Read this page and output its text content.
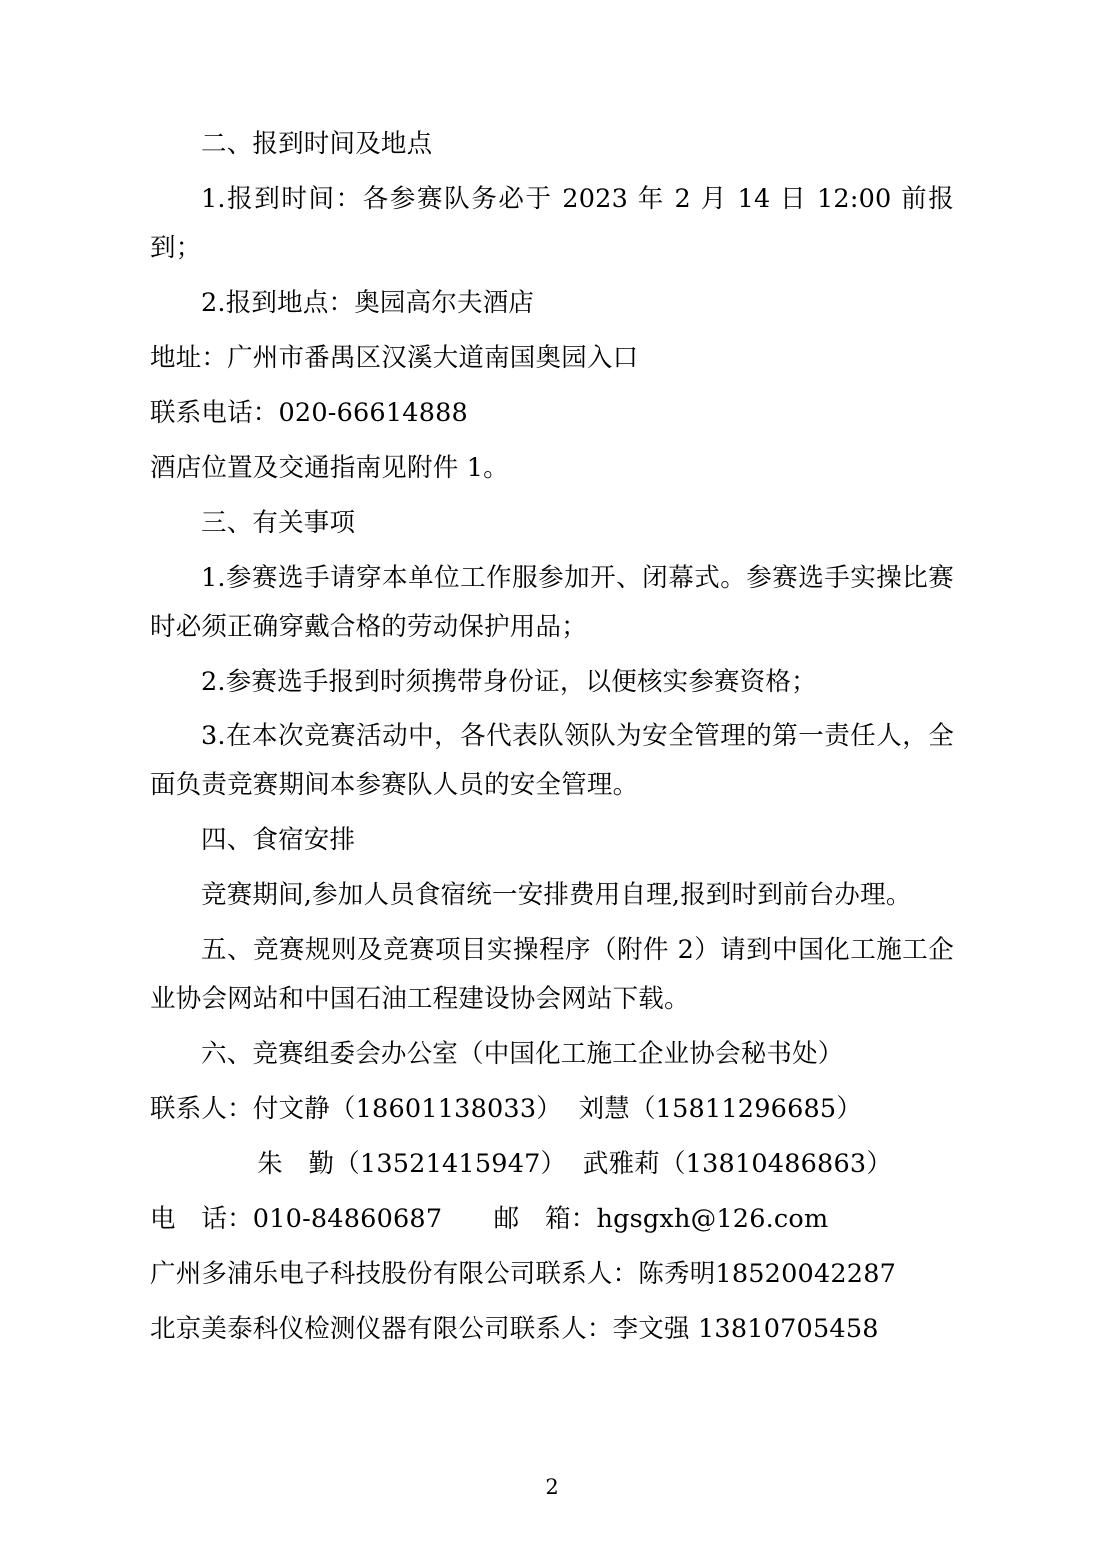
二、报到时间及地点
1.报到时间：各参赛队务必于 2023 年 2 月 14 日 12:00 前报到；
2.报到地点：奥园高尔夫酒店
地址：广州市番禺区汉溪大道南国奥园入口
联系电话：020-66614888
酒店位置及交通指南见附件 1。
三、有关事项
1.参赛选手请穿本单位工作服参加开、闭幕式。参赛选手实操比赛时必须正确穿戴合格的劳动保护用品；
2.参赛选手报到时须携带身份证，以便核实参赛资格；
3.在本次竞赛活动中，各代表队领队为安全管理的第一责任人，全面负责竞赛期间本参赛队人员的安全管理。
四、食宿安排
竞赛期间,参加人员食宿统一安排费用自理,报到时到前台办理。
五、竞赛规则及竞赛项目实操程序（附件 2）请到中国化工施工企业协会网站和中国石油工程建设协会网站下载。
六、竞赛组委会办公室（中国化工施工企业协会秘书处）
联系人：付文静（18601138033）  刘慧（15811296685）
朱　勤（13521415947）  武雅莉（13810486863）
电　话：010-84860687　　邮　箱：hgsgxh@126.com
广州多浦乐电子科技股份有限公司联系人：陈秀明18520042287
北京美泰科仪检测仪器有限公司联系人：李文强 13810705458
2
